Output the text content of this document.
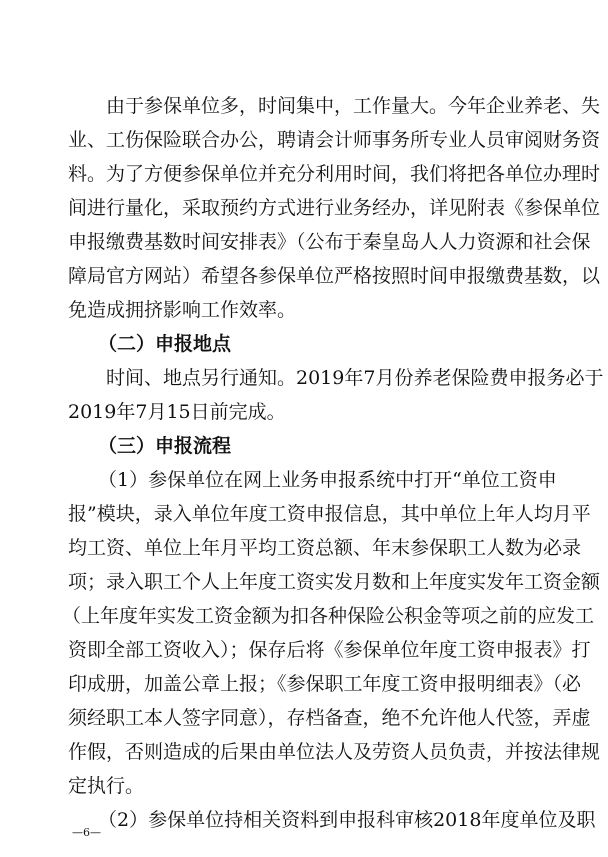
由于参保单位多，时间集中，工作量大。今年企业养老、失
业、工伤保险联合办公，聘请会计师事务所专业人员审阅财务资
料。为了方便参保单位并充分利用时间，我们将把各单位办理时
间进行量化，采取预约方式进行业务经办，详见附表《参保单位
申报缴费基数时间安排表》（公布于秦皇岛人人力资源和社会保
障局官方网站）希望各参保单位严格按照时间申报缴费基数，以
免造成拥挤影响工作效率。
（二）申报地点
时间、地点另行通知。2019年7月份养老保险费申报务必于
2019年7月15日前完成。
（三）申报流程
（1）参保单位在网上业务申报系统中打开“单位工资申
报”模块，录入单位年度工资申报信息，其中单位上年人均月平
均工资、单位上年月平均工资总额、年末参保职工人数为必录
项；录入职工个人上年度工资实发月数和上年度实发年工资金额
（上年度年实发工资金额为扣各种保险公积金等项之前的应发工
资即全部工资收入）；保存后将《参保单位年度工资申报表》打
印成册，加盖公章上报；《参保职工年度工资申报明细表》（必
须经职工本人签字同意），存档备查，绝不允许他人代签，弄虚
作假，否则造成的后果由单位法人及劳资人员负责，并按法律规
定执行。
（2）参保单位持相关资料到申报科审核2018年度单位及职
—6—
